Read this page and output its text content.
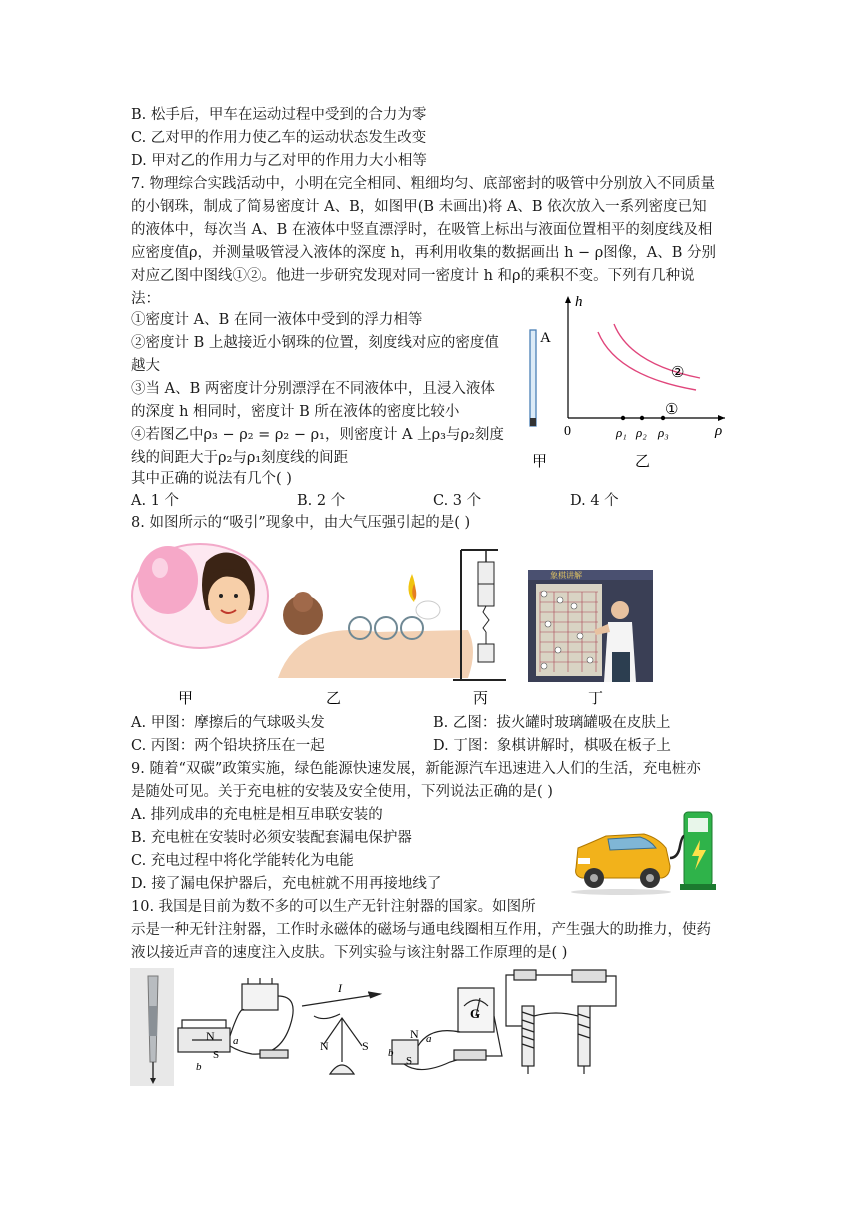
B. 松手后，甲车在运动过程中受到的合力为零
C. 乙对甲的作用力使乙车的运动状态发生改变
D. 甲对乙的作用力与乙对甲的作用力大小相等
7. 物理综合实践活动中，小明在完全相同、粗细均匀、底部密封的吸管中分别放入不同质量
的小钢珠，制成了简易密度计 A、B，如图甲(B 未画出)将 A、B 依次放入一系列密度已知
的液体中，每次当 A、B 在液体中竖直漂浮时，在吸管上标出与液面位置相平的刻度线及相
应密度值ρ，并测量吸管浸入液体的深度 h，再利用收集的数据画出 h − ρ图像，A、B 分别
对应乙图中图线①②。他进一步研究发现对同一密度计 h 和ρ的乘积不变。下列有几种说
法：
①密度计 A、B 在同一液体中受到的浮力相等
②密度计 B 上越接近小钢珠的位置，刻度线对应的密度值
越大
③当 A、B 两密度计分别漂浮在不同液体中，且浸入液体
的深度 h 相同时，密度计 B 所在液体的密度比较小
④若图乙中ρ₃ − ρ₂ = ρ₂ − ρ₁，则密度计 A 上ρ₃与ρ₂刻度
线的间距大于ρ₂与ρ₁刻度线的间距
其中正确的说法有几个( )
A. 1 个	B. 2 个	C. 3 个	D. 4 个
A
h
ρ
0
②
①
ρ₁ ρ₂ ρ₃
甲	乙
8. 如图所示的“吸引”现象中，由大气压强引起的是( )
象棋讲解
甲	乙	丙	丁
A. 甲图：摩擦后的气球吸头发	B. 乙图：拔火罐时玻璃罐吸在皮肤上
C. 丙图：两个铅块挤压在一起	D. 丁图：象棋讲解时，棋吸在板子上
9. 随着“双碳”政策实施，绿色能源快速发展，新能源汽车迅速进入人们的生活，充电桩亦
是随处可见。关于充电桩的安装及安全使用，下列说法正确的是( )
A. 排列成串的充电桩是相互串联安装的
B. 充电桩在安装时必须安装配套漏电保护器
C. 充电过程中将化学能转化为电能
D. 接了漏电保护器后，充电桩就不用再接地线了
10. 我国是目前为数不多的可以生产无针注射器的国家。如图所
示是一种无针注射器，工作时永磁体的磁场与通电线圈相互作用，产生强大的助推力，使药
液以接近声音的速度注入皮肤。下列实验与该注射器工作原理的是( )
N a
S
b
I
N	S
G
N a
S
b
